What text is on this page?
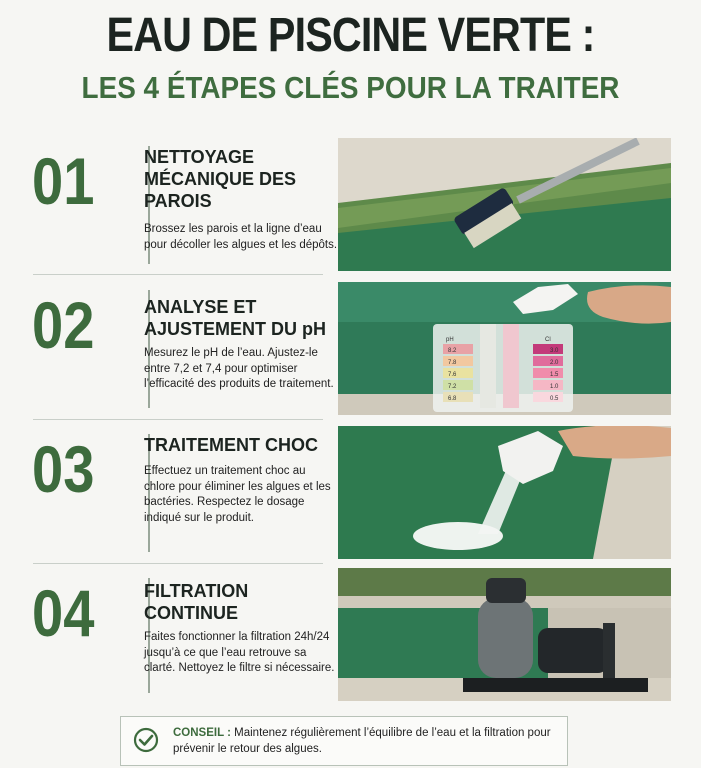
EAU DE PISCINE VERTE :
LES 4 ÉTAPES CLÉS POUR LA TRAITER
01	NETTOYAGE MÉCANIQUE DES PAROIS
Brossez les parois et la ligne d’eau pour décoller les algues et les dépôts.
02	ANALYSE ET AJUSTEMENT DU pH
Mesurez le pH de l’eau. Ajustez-le entre 7,2 et 7,4 pour optimiser l’efficacité des produits de traitement.
pH	Cl
8.2
7.8
7.6
7.2
6.8
3.0
2.0
1.5
1.0
0.5
03	TRAITEMENT CHOC
Effectuez un traitement choc au chlore pour éliminer les algues et les bactéries. Respectez le dosage indiqué sur le produit.
04	FILTRATION CONTINUE
Faites fonctionner la filtration 24h/24 jusqu’à ce que l’eau retrouve sa clarté. Nettoyez le filtre si nécessaire.
CONSEIL : Maintenez régulièrement l’équilibre de l’eau et la filtration pour prévenir le retour des algues.
